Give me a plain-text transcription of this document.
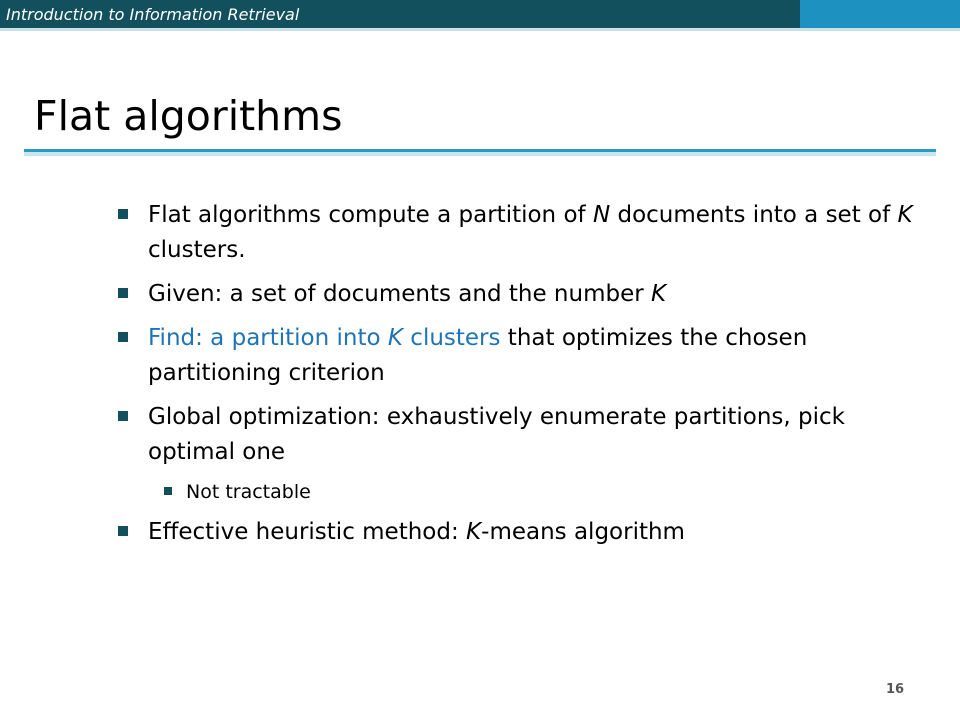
Introduction to Information Retrieval
Flat algorithms
Flat algorithms compute a partition of N documents into a set of K clusters.
Given: a set of documents and the number K
Find: a partition into K clusters that optimizes the chosen partitioning criterion
Global optimization: exhaustively enumerate partitions, pick optimal one
Not tractable
Effective heuristic method: K-means algorithm
16
